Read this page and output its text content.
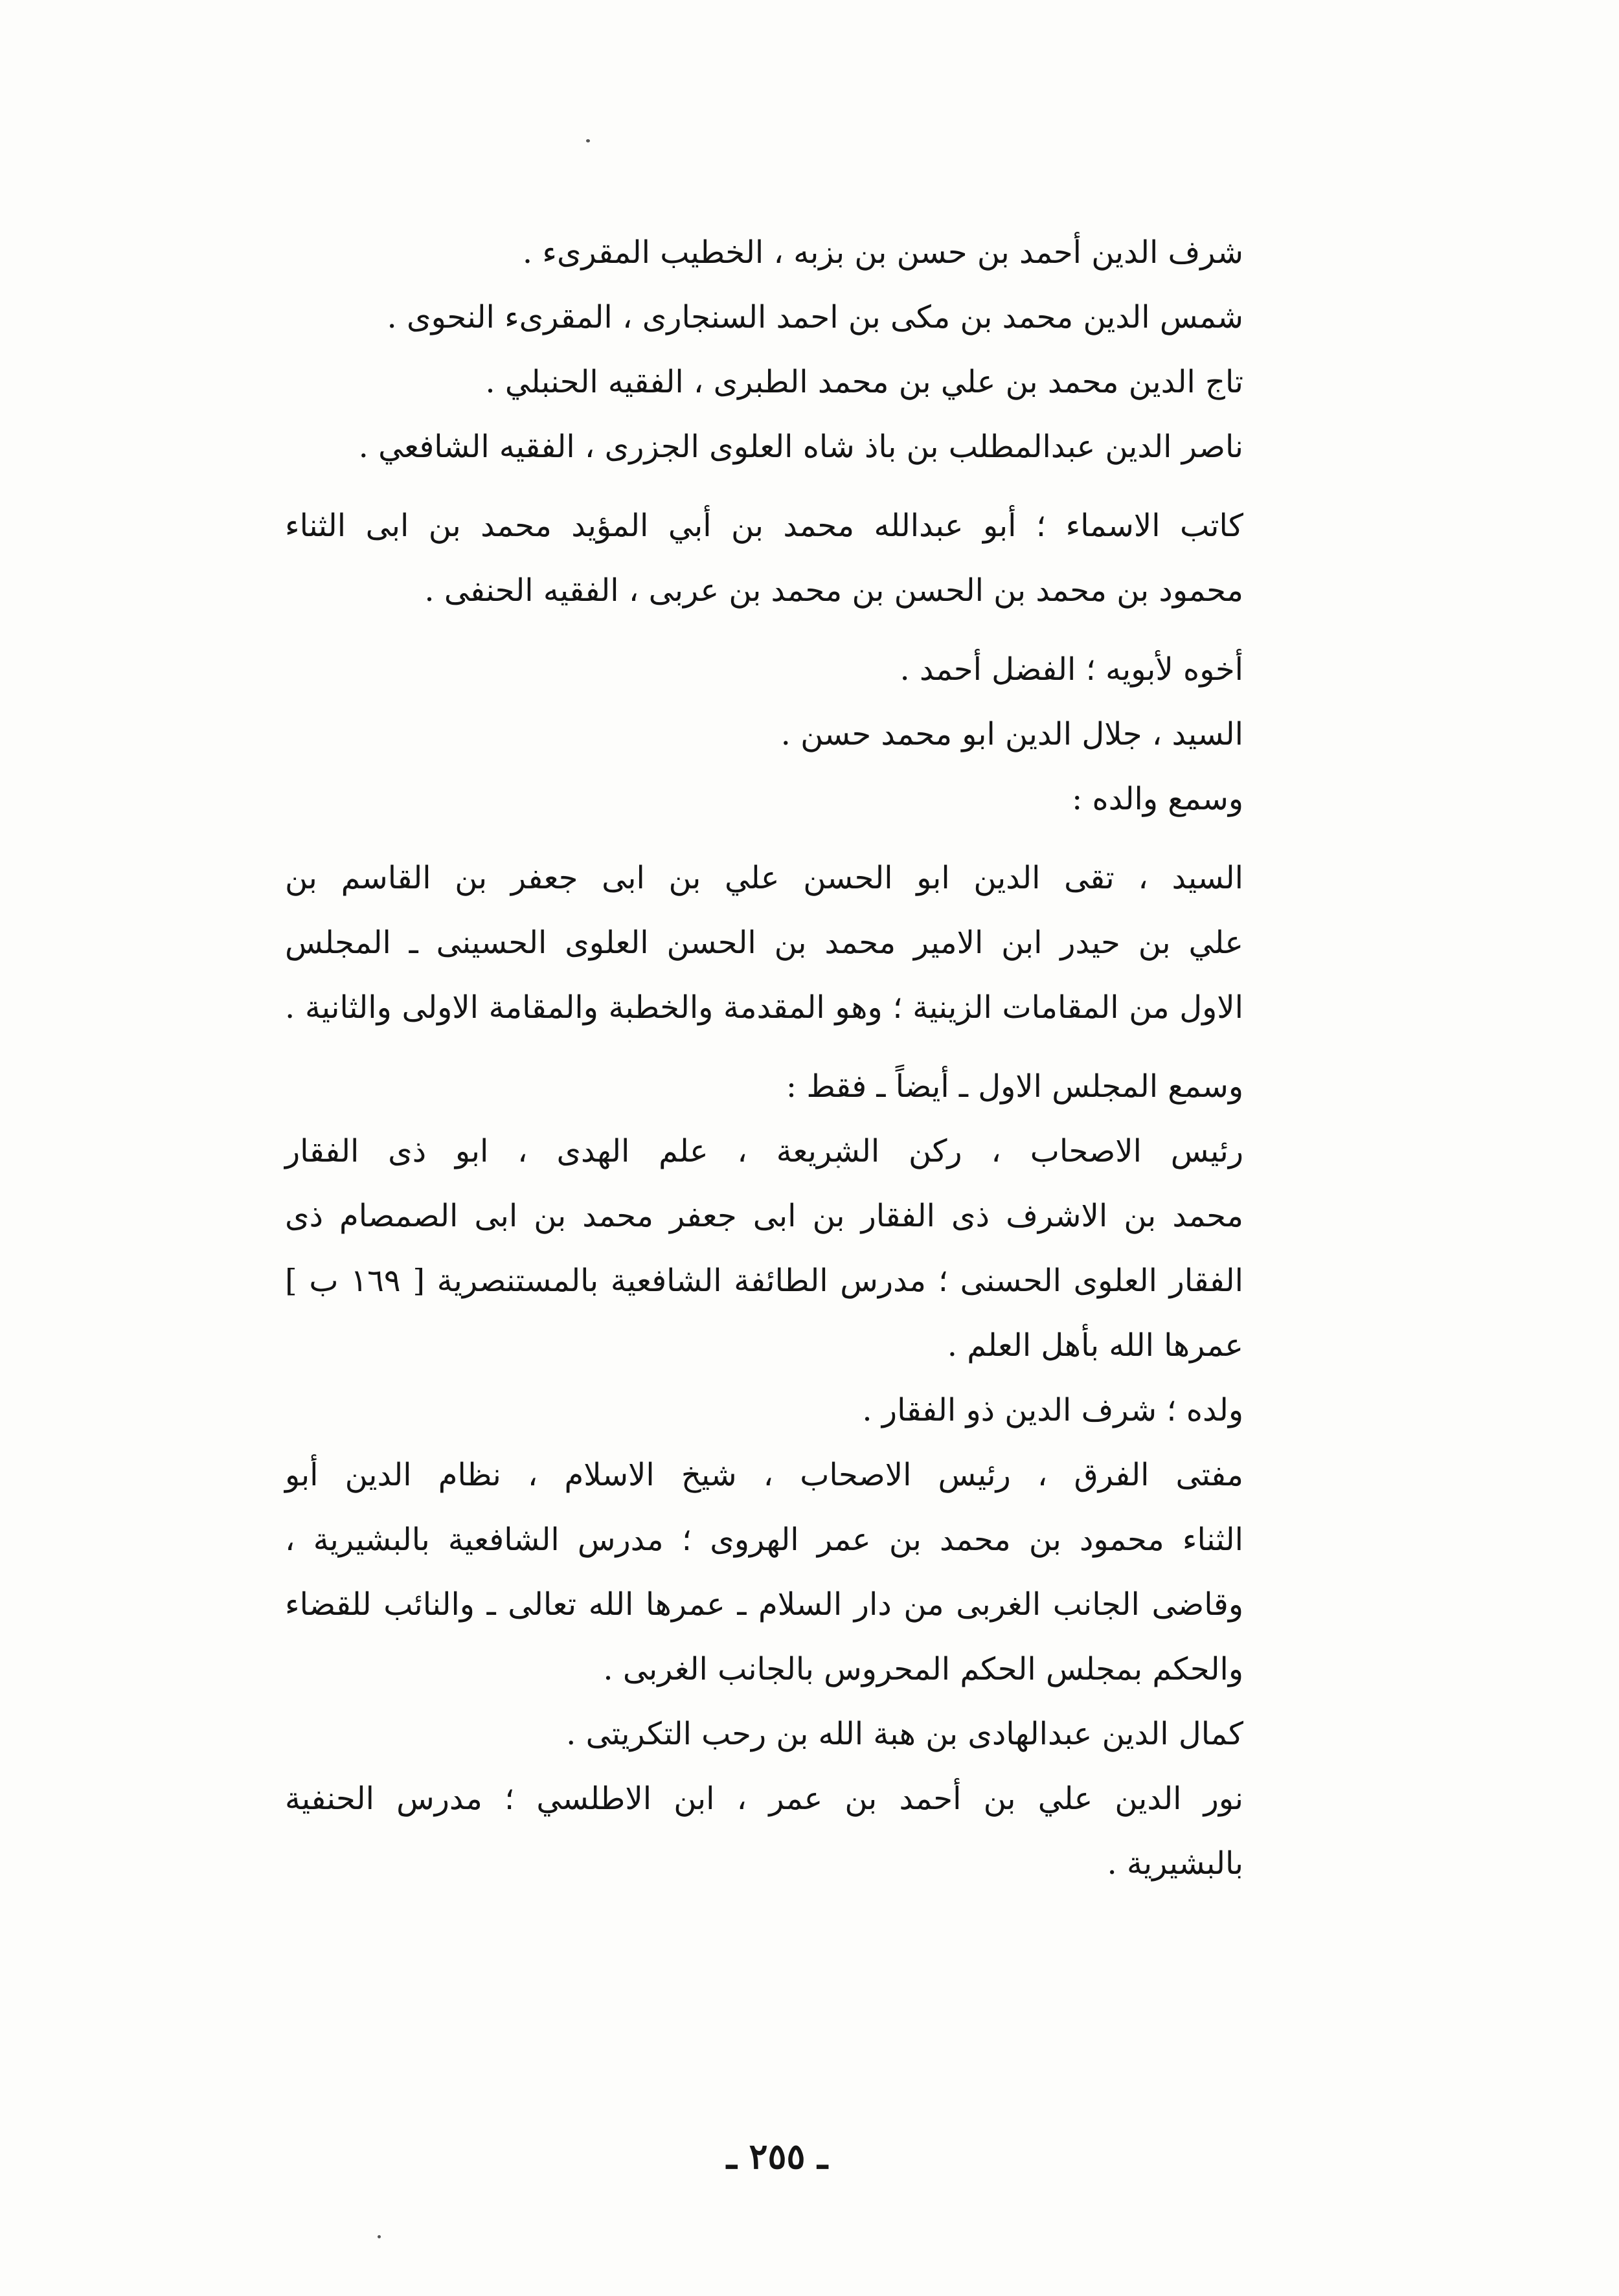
شرف الدين أحمد بن حسن بن بزبه ، الخطيب المقرىء .
شمس الدين محمد بن مكى بن احمد السنجارى ، المقرىء النحوى .
تاج الدين محمد بن علي بن محمد الطبرى ، الفقيه الحنبلي .
ناصر الدين عبدالمطلب بن باذ شاه العلوى الجزرى ، الفقيه الشافعي .
كاتب الاسماء ؛ أبو عبدالله محمد بن أبي المؤيد محمد بن ابى الثناء
محمود بن محمد بن الحسن بن محمد بن عربى ، الفقيه الحنفى .
أخوه لأبويه ؛ الفضل أحمد .
السيد ، جلال الدين ابو محمد حسن .
وسمع والده :
السيد ، تقى الدين ابو الحسن علي بن ابى جعفر بن القاسم بن
علي بن حيدر ابن الامير محمد بن الحسن العلوى الحسينى ـ المجلس
الاول من المقامات الزينية ؛ وهو المقدمة والخطبة والمقامة الاولى والثانية .
وسمع المجلس الاول ـ أيضاً ـ فقط :
رئيس الاصحاب ، ركن الشريعة ، علم الهدى ، ابو ذى الفقار
محمد بن الاشرف ذى الفقار بن ابى جعفر محمد بن ابى الصمصام ذى
الفقار العلوى الحسنى ؛ مدرس الطائفة الشافعية بالمستنصرية [ ١٦٩ ب ]
عمرها الله بأهل العلم .
ولده ؛ شرف الدين ذو الفقار .
مفتى الفرق ، رئيس الاصحاب ، شيخ الاسلام ، نظام الدين أبو
الثناء محمود بن محمد بن عمر الهروى ؛ مدرس الشافعية بالبشيرية ،
وقاضى الجانب الغربى من دار السلام ـ عمرها الله تعالى ـ والنائب للقضاء
والحكم بمجلس الحكم المحروس بالجانب الغربى .
كمال الدين عبدالهادى بن هبة الله بن رحب التكريتى .
نور الدين علي بن أحمد بن عمر ، ابن الاطلسي ؛ مدرس الحنفية
بالبشيرية .
ـ ٢٥٥ ـ
